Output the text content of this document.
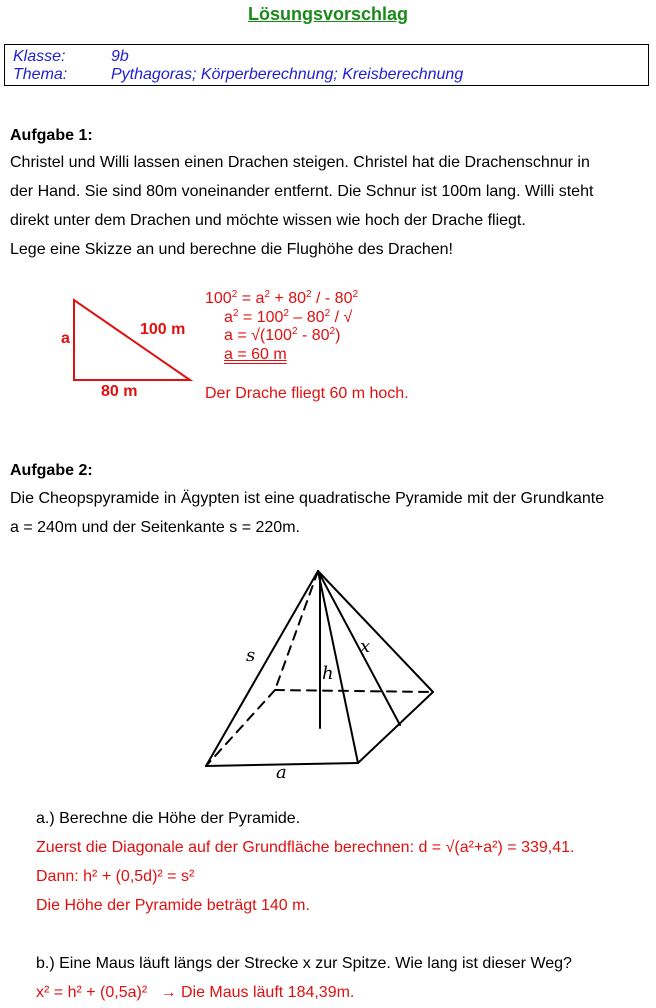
Lösungsvorschlag
Klasse:	9b
Thema:	Pythagoras; Körperberechnung; Kreisberechnung
Aufgabe 1:
Christel und Willi lassen einen Drachen steigen. Christel hat die Drachenschnur in
der Hand. Sie sind 80m voneinander entfernt. Die Schnur ist 100m lang. Willi steht
direkt unter dem Drachen und möchte wissen wie hoch der Drache fliegt.
Lege eine Skizze an und berechne die Flughöhe des Drachen!
a
100 m
80 m
$100^2 = a^2 + 80^2$ / - $80^2$
$a^2 = 100^2 - 80^2$ / √
$a = √(100^2 - 80^2)$
a = 60 m
Der Drache fliegt 60 m hoch.
Aufgabe 2:
Die Cheopspyramide in Ägypten ist eine quadratische Pyramide mit der Grundkante
a = 240m und der Seitenkante s = 220m.
s	x
h
a
a.) Berechne die Höhe der Pyramide.
Zuerst die Diagonale auf der Grundfläche berechnen: d = √(a²+a²) = 339,41.
Dann: h² + (0,5d)² = s²
Die Höhe der Pyramide beträgt 140 m.
b.) Eine Maus läuft längs der Strecke x zur Spitze. Wie lang ist dieser Weg?
x² = h² + (0,5a)² → Die Maus läuft 184,39m.
